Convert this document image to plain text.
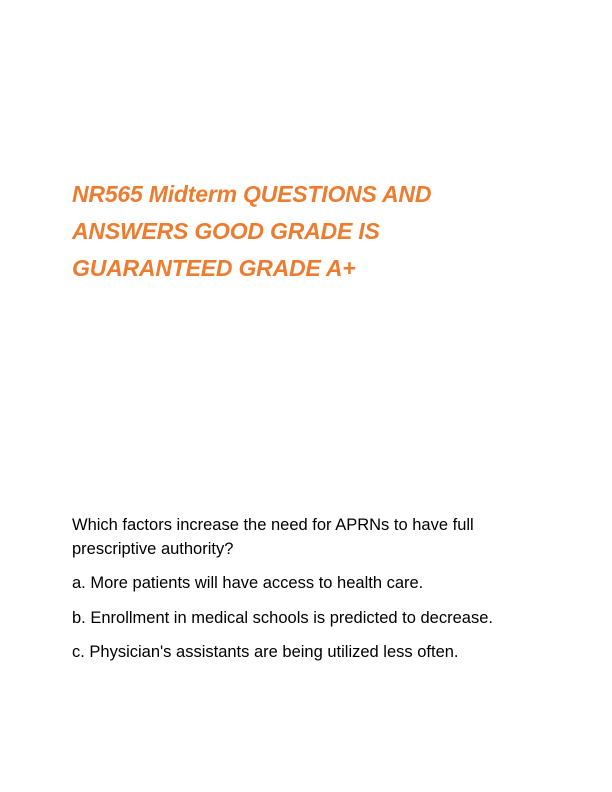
NR565 Midterm QUESTIONS AND
ANSWERS GOOD GRADE IS
GUARANTEED GRADE A+

Which factors increase the need for APRNs to have full
prescriptive authority?

a. More patients will have access to health care.

b. Enrollment in medical schools is predicted to decrease.

c. Physician's assistants are being utilized less often.
